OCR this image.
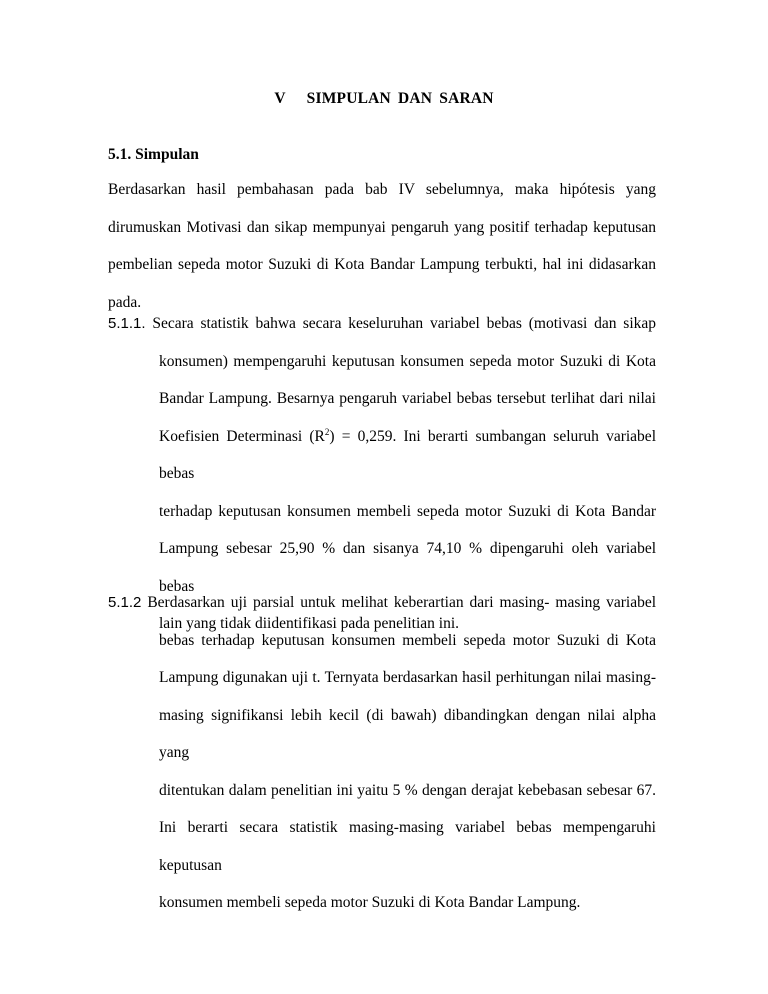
V   SIMPULAN DAN SARAN
5.1. Simpulan
Berdasarkan hasil pembahasan pada bab IV sebelumnya, maka hipótesis yang dirumuskan Motivasi dan sikap mempunyai pengaruh yang positif terhadap keputusan pembelian sepeda motor Suzuki di Kota Bandar Lampung terbukti, hal ini didasarkan pada.
5.1.1. Secara statistik bahwa secara keseluruhan variabel bebas (motivasi dan sikap
konsumen) mempengaruhi keputusan konsumen sepeda motor Suzuki di Kota
Bandar Lampung. Besarnya pengaruh variabel bebas tersebut terlihat dari nilai
Koefisien Determinasi $(R^2) = 0,259$. Ini berarti sumbangan seluruh variabel bebas
terhadap keputusan konsumen membeli sepeda motor Suzuki di Kota Bandar
Lampung sebesar 25,90 % dan sisanya 74,10 % dipengaruhi oleh variabel bebas
lain yang tidak diidentifikasi pada penelitian ini.
5.1.2 Berdasarkan uji parsial untuk melihat keberartian dari masing- masing variabel
bebas terhadap keputusan konsumen membeli sepeda motor Suzuki di Kota
Lampung digunakan uji t. Ternyata berdasarkan hasil perhitungan nilai masing-
masing signifikansi lebih kecil (di bawah) dibandingkan dengan nilai alpha yang
ditentukan dalam penelitian ini yaitu 5 % dengan derajat kebebasan sebesar 67.
Ini berarti secara statistik masing-masing variabel bebas mempengaruhi keputusan
konsumen membeli sepeda motor Suzuki di Kota Bandar Lampung.
